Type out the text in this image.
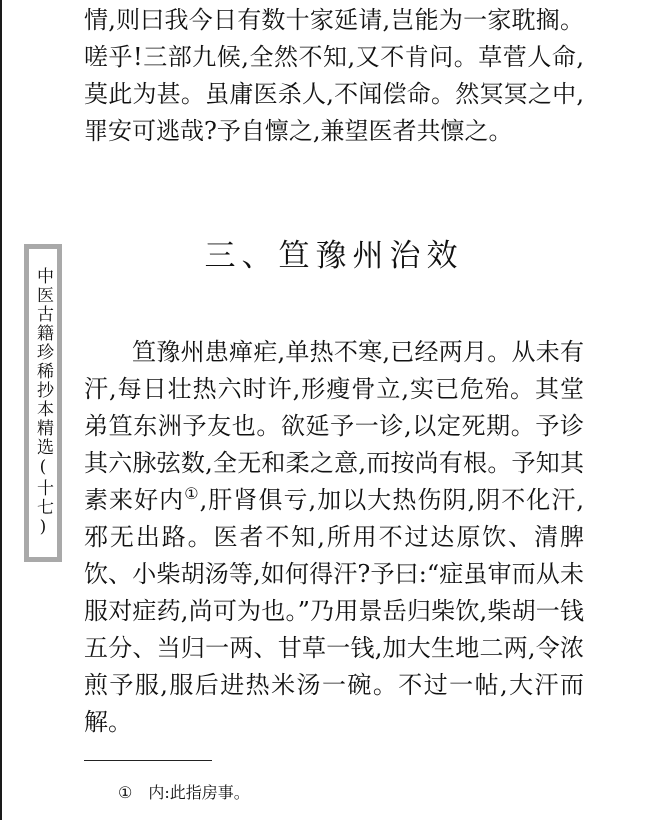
中医古籍珍稀抄本精选(十七)

情,则曰我今日有数十家延请,岂能为一家耽搁。嗟乎!三部九候,全然不知,又不肯问。草菅人命,莫此为甚。虽庸医杀人,不闻偿命。然冥冥之中,罪安可逃哉?予自懔之,兼望医者共懔之。

三、笪豫州治效

笪豫州患瘅疟,单热不寒,已经两月。从未有汗,每日壮热六时许,形瘦骨立,实已危殆。其堂弟笪东洲予友也。欲延予一诊,以定死期。予诊其六脉弦数,全无和柔之意,而按尚有根。予知其素来好内①,肝肾俱亏,加以大热伤阴,阴不化汗,邪无出路。医者不知,所用不过达原饮、清脾饮、小柴胡汤等,如何得汗?予曰:“症虽审而从未服对症药,尚可为也。”乃用景岳归柴饮,柴胡一钱五分、当归一两、甘草一钱,加大生地二两,令浓煎予服,服后进热米汤一碗。不过一帖,大汗而解。

① 内:此指房事。
